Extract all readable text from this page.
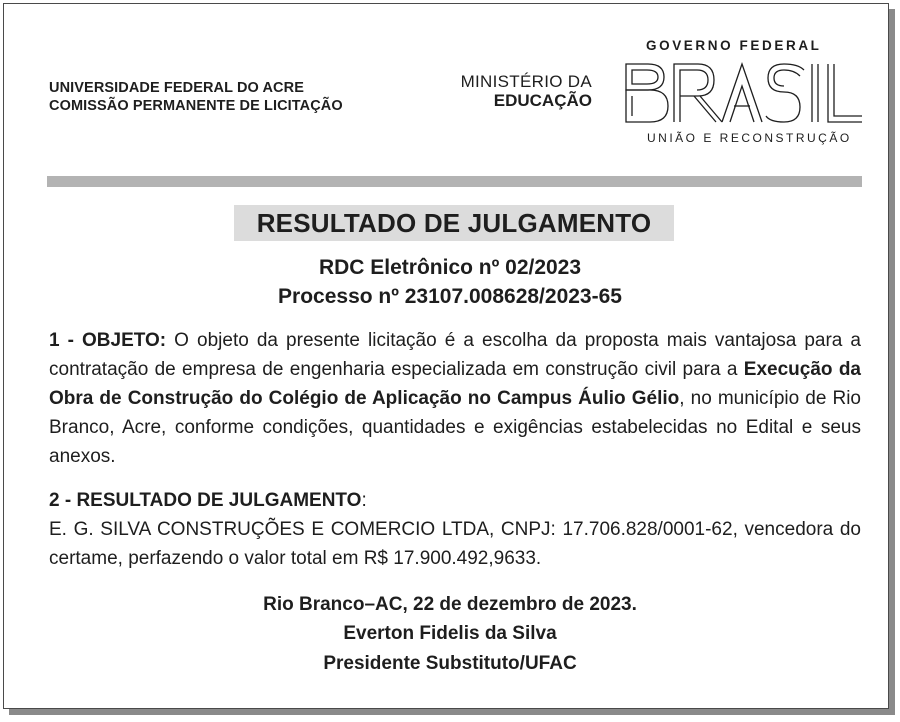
UNIVERSIDADE FEDERAL DO ACRE
COMISSÃO PERMANENTE DE LICITAÇÃO
MINISTÉRIO DA
EDUCAÇÃO
GOVERNO FEDERAL
UNIÃO E RECONSTRUÇÃO
RESULTADO DE JULGAMENTO
RDC Eletrônico nº 02/2023
Processo nº 23107.008628/2023-65

1 - OBJETO: O objeto da presente licitação é a escolha da proposta mais vantajosa para a contratação de empresa de engenharia especializada em construção civil para a Execução da Obra de Construção do Colégio de Aplicação no Campus Áulio Gélio, no município de Rio Branco, Acre, conforme condições, quantidades e exigências estabelecidas no Edital e seus anexos.

2 - RESULTADO DE JULGAMENTO:
E. G. SILVA CONSTRUÇÕES E COMERCIO LTDA, CNPJ: 17.706.828/0001-62, vencedora do certame, perfazendo o valor total em R$ 17.900.492,9633.
Rio Branco–AC, 22 de dezembro de 2023.
Everton Fidelis da Silva
Presidente Substituto/UFAC
